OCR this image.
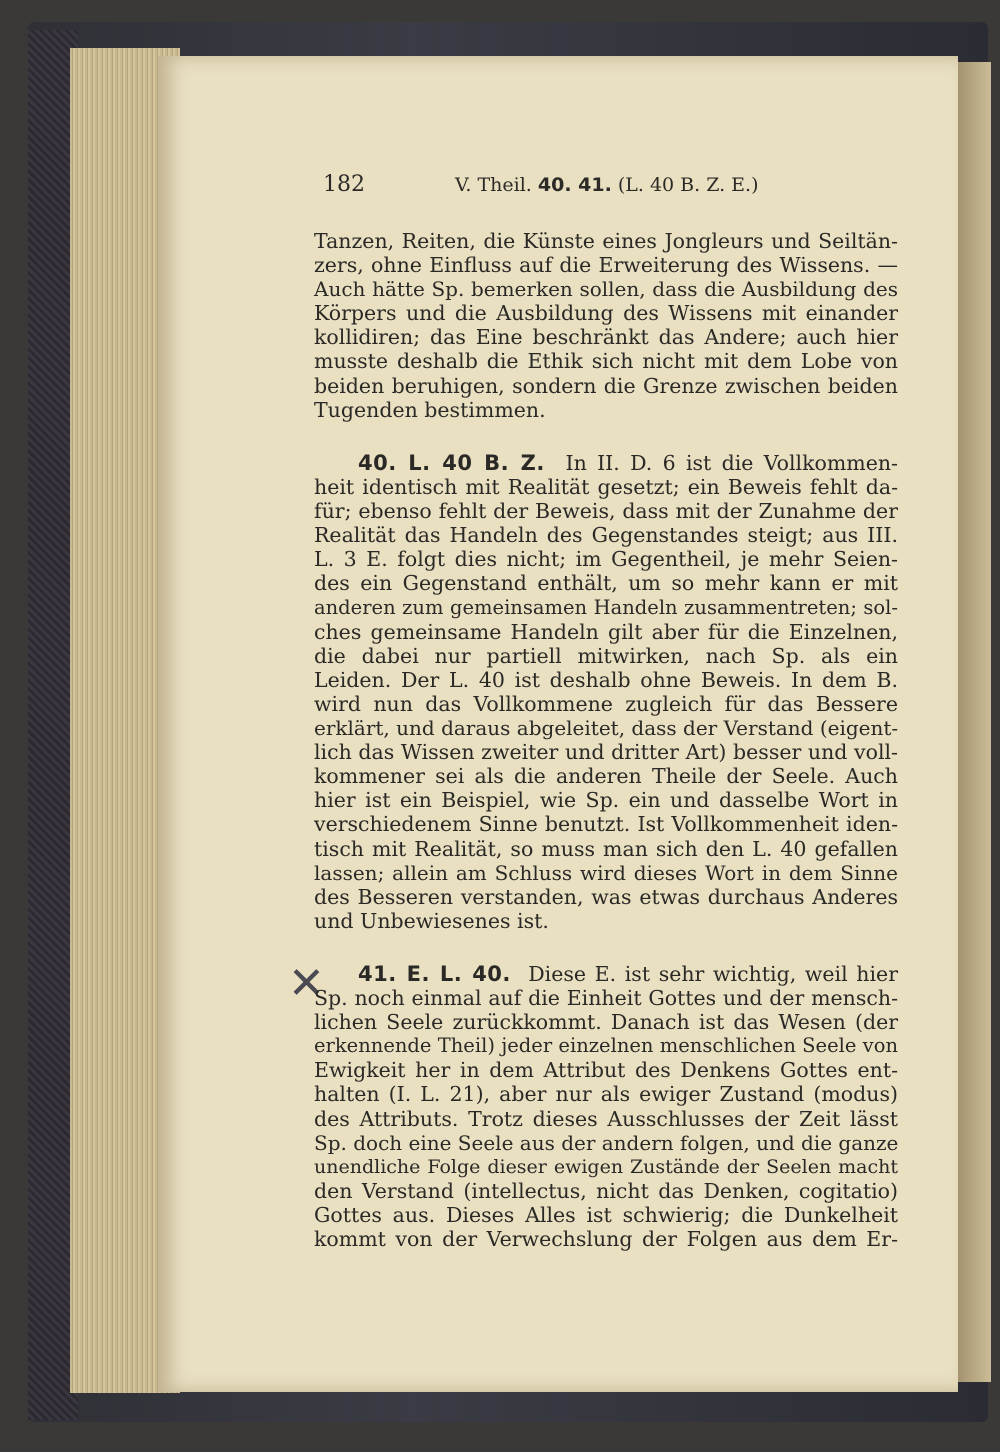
182	V. Theil. 40. 41. (L. 40 B. Z. E.)
Tanzen, Reiten, die Künste eines Jongleurs und Seiltän-
zers, ohne Einfluss auf die Erweiterung des Wissens. —
Auch hätte Sp. bemerken sollen, dass die Ausbildung des
Körpers und die Ausbildung des Wissens mit einander
kollidiren; das Eine beschränkt das Andere; auch hier
musste deshalb die Ethik sich nicht mit dem Lobe von
beiden beruhigen, sondern die Grenze zwischen beiden
Tugenden bestimmen.
40. L. 40 B. Z. In II. D. 6 ist die Vollkommen-
heit identisch mit Realität gesetzt; ein Beweis fehlt da-
für; ebenso fehlt der Beweis, dass mit der Zunahme der
Realität das Handeln des Gegenstandes steigt; aus III.
L. 3 E. folgt dies nicht; im Gegentheil, je mehr Seien-
des ein Gegenstand enthält, um so mehr kann er mit
anderen zum gemeinsamen Handeln zusammentreten; sol-
ches gemeinsame Handeln gilt aber für die Einzelnen,
die dabei nur partiell mitwirken, nach Sp. als ein
Leiden. Der L. 40 ist deshalb ohne Beweis. In dem B.
wird nun das Vollkommene zugleich für das Bessere
erklärt, und daraus abgeleitet, dass der Verstand (eigent-
lich das Wissen zweiter und dritter Art) besser und voll-
kommener sei als die anderen Theile der Seele. Auch
hier ist ein Beispiel, wie Sp. ein und dasselbe Wort in
verschiedenem Sinne benutzt. Ist Vollkommenheit iden-
tisch mit Realität, so muss man sich den L. 40 gefallen
lassen; allein am Schluss wird dieses Wort in dem Sinne
des Besseren verstanden, was etwas durchaus Anderes
und Unbewiesenes ist.
✕	41. E. L. 40. Diese E. ist sehr wichtig, weil hier
Sp. noch einmal auf die Einheit Gottes und der mensch-
lichen Seele zurückkommt. Danach ist das Wesen (der
erkennende Theil) jeder einzelnen menschlichen Seele von
Ewigkeit her in dem Attribut des Denkens Gottes ent-
halten (I. L. 21), aber nur als ewiger Zustand (modus)
des Attributs. Trotz dieses Ausschlusses der Zeit lässt
Sp. doch eine Seele aus der andern folgen, und die ganze
unendliche Folge dieser ewigen Zustände der Seelen macht
den Verstand (intellectus, nicht das Denken, cogitatio)
Gottes aus. Dieses Alles ist schwierig; die Dunkelheit
kommt von der Verwechslung der Folgen aus dem Er-
